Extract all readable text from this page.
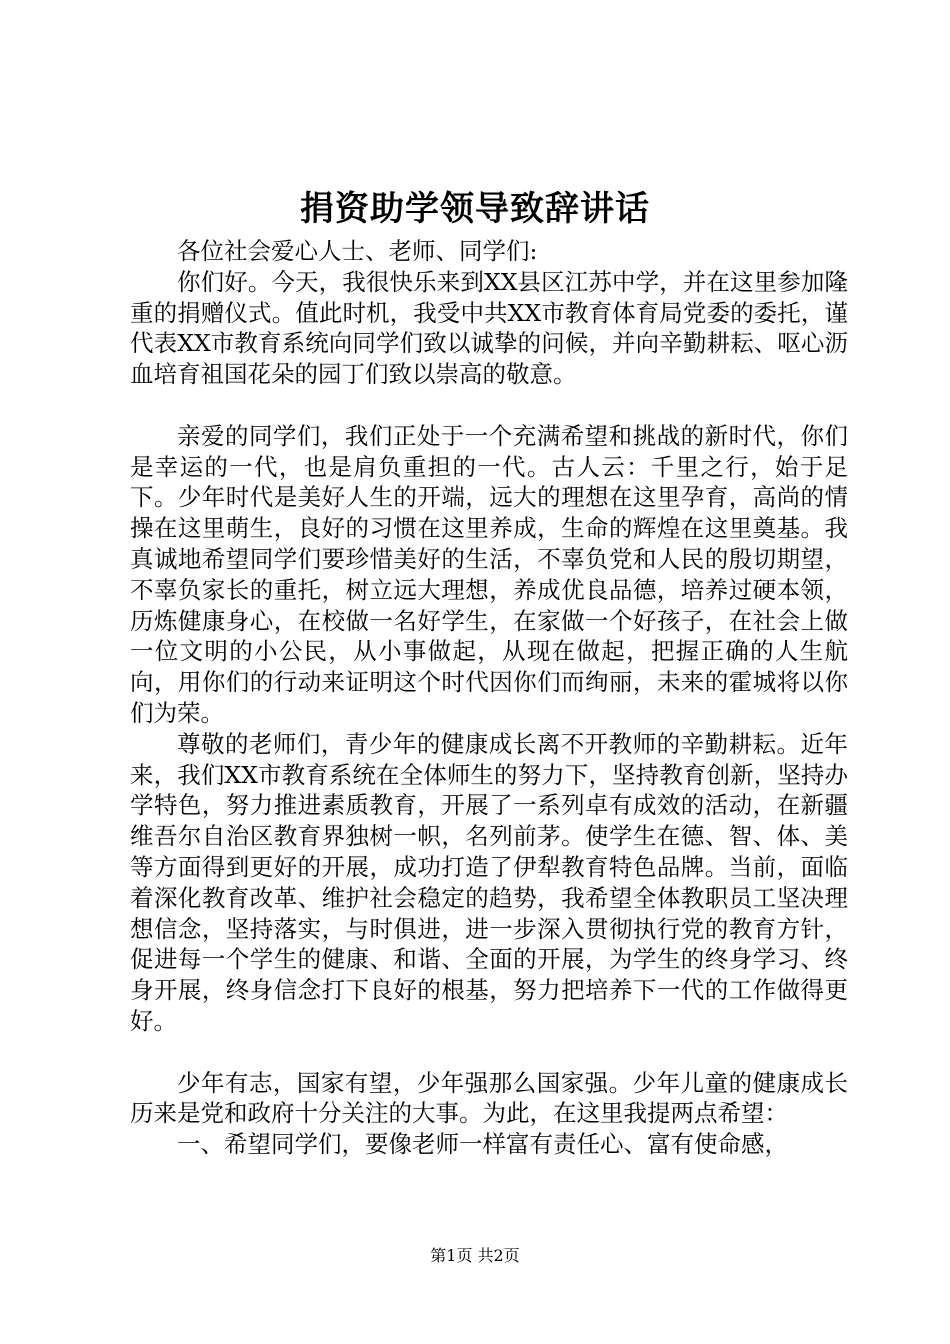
捐资助学领导致辞讲话

各位社会爱心人士、老师、同学们:

你们好。今天，我很快乐来到XX县区江苏中学，并在这里参加隆重的捐赠仪式。值此时机，我受中共XX市教育体育局党委的委托，谨代表XX市教育系统向同学们致以诚挚的问候，并向辛勤耕耘、呕心沥血培育祖国花朵的园丁们致以崇高的敬意。

亲爱的同学们，我们正处于一个充满希望和挑战的新时代，你们是幸运的一代，也是肩负重担的一代。古人云：千里之行，始于足下。少年时代是美好人生的开端，远大的理想在这里孕育，高尚的情操在这里萌生，良好的习惯在这里养成，生命的辉煌在这里奠基。我真诚地希望同学们要珍惜美好的生活，不辜负党和人民的殷切期望，不辜负家长的重托，树立远大理想，养成优良品德，培养过硬本领，历炼健康身心，在校做一名好学生，在家做一个好孩子，在社会上做一位文明的小公民，从小事做起，从现在做起，把握正确的人生航向，用你们的行动来证明这个时代因你们而绚丽，未来的霍城将以你们为荣。

尊敬的老师们，青少年的健康成长离不开教师的辛勤耕耘。近年来，我们XX市教育系统在全体师生的努力下，坚持教育创新，坚持办学特色，努力推进素质教育，开展了一系列卓有成效的活动，在新疆维吾尔自治区教育界独树一帜，名列前茅。使学生在德、智、体、美等方面得到更好的开展，成功打造了伊犁教育特色品牌。当前，面临着深化教育改革、维护社会稳定的趋势，我希望全体教职员工坚决理想信念，坚持落实，与时俱进，进一步深入贯彻执行党的教育方针，促进每一个学生的健康、和谐、全面的开展，为学生的终身学习、终身开展，终身信念打下良好的根基，努力把培养下一代的工作做得更好。

少年有志，国家有望，少年强那么国家强。少年儿童的健康成长历来是党和政府十分关注的大事。为此，在这里我提两点希望：

一、希望同学们，要像老师一样富有责任心、富有使命感，

第1页 共2页
